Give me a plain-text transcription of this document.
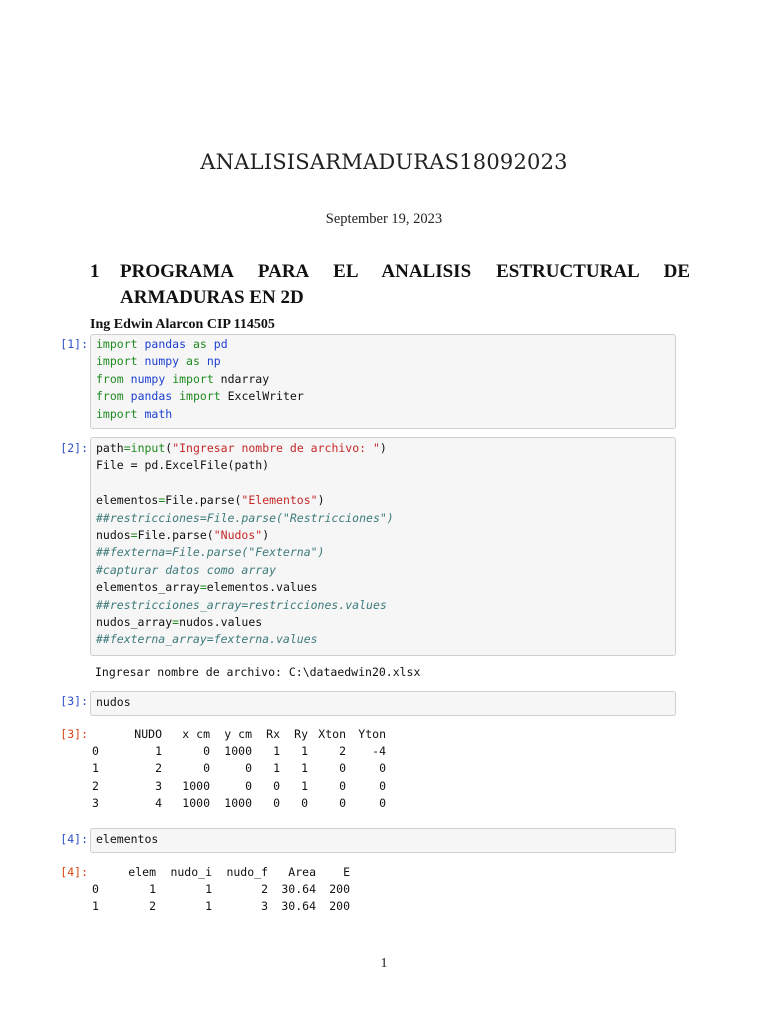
ANALISISARMADURAS18092023
September 19, 2023
1 PROGRAMA PARA EL ANALISIS ESTRUCTURAL DE ARMADURAS EN 2D
Ing Edwin Alarcon CIP 114505
[1]: import pandas as pd
import numpy as np
from numpy import ndarray
from pandas import ExcelWriter
import math
[2]: path=input("Ingresar nombre de archivo: ")
File = pd.ExcelFile(path)

elementos=File.parse("Elementos")
##restricciones=File.parse("Restricciones")
nudos=File.parse("Nudos")
##fexterna=File.parse("Fexterna")
#capturar datos como array
elementos_array=elementos.values
##restricciones_array=restricciones.values
nudos_array=nudos.values
##fexterna_array=fexterna.values
Ingresar nombre de archivo: C:\dataedwin20.xlsx
[3]: nudos
[3]:
		NUDO	x cm	y cm	Rx	Ry	Xton	Yton
0	1	0	1000	1	1	2	-4
1	2	0	0	1	1	0	0
2	3	1000	0	0	1	0	0
3	4	1000	1000	0	0	0	0
[4]: elementos
[4]:
		elem	nudo_i	nudo_f	Area	E
0	1	1	2	30.64	200
1	2	1	3	30.64	200
1
